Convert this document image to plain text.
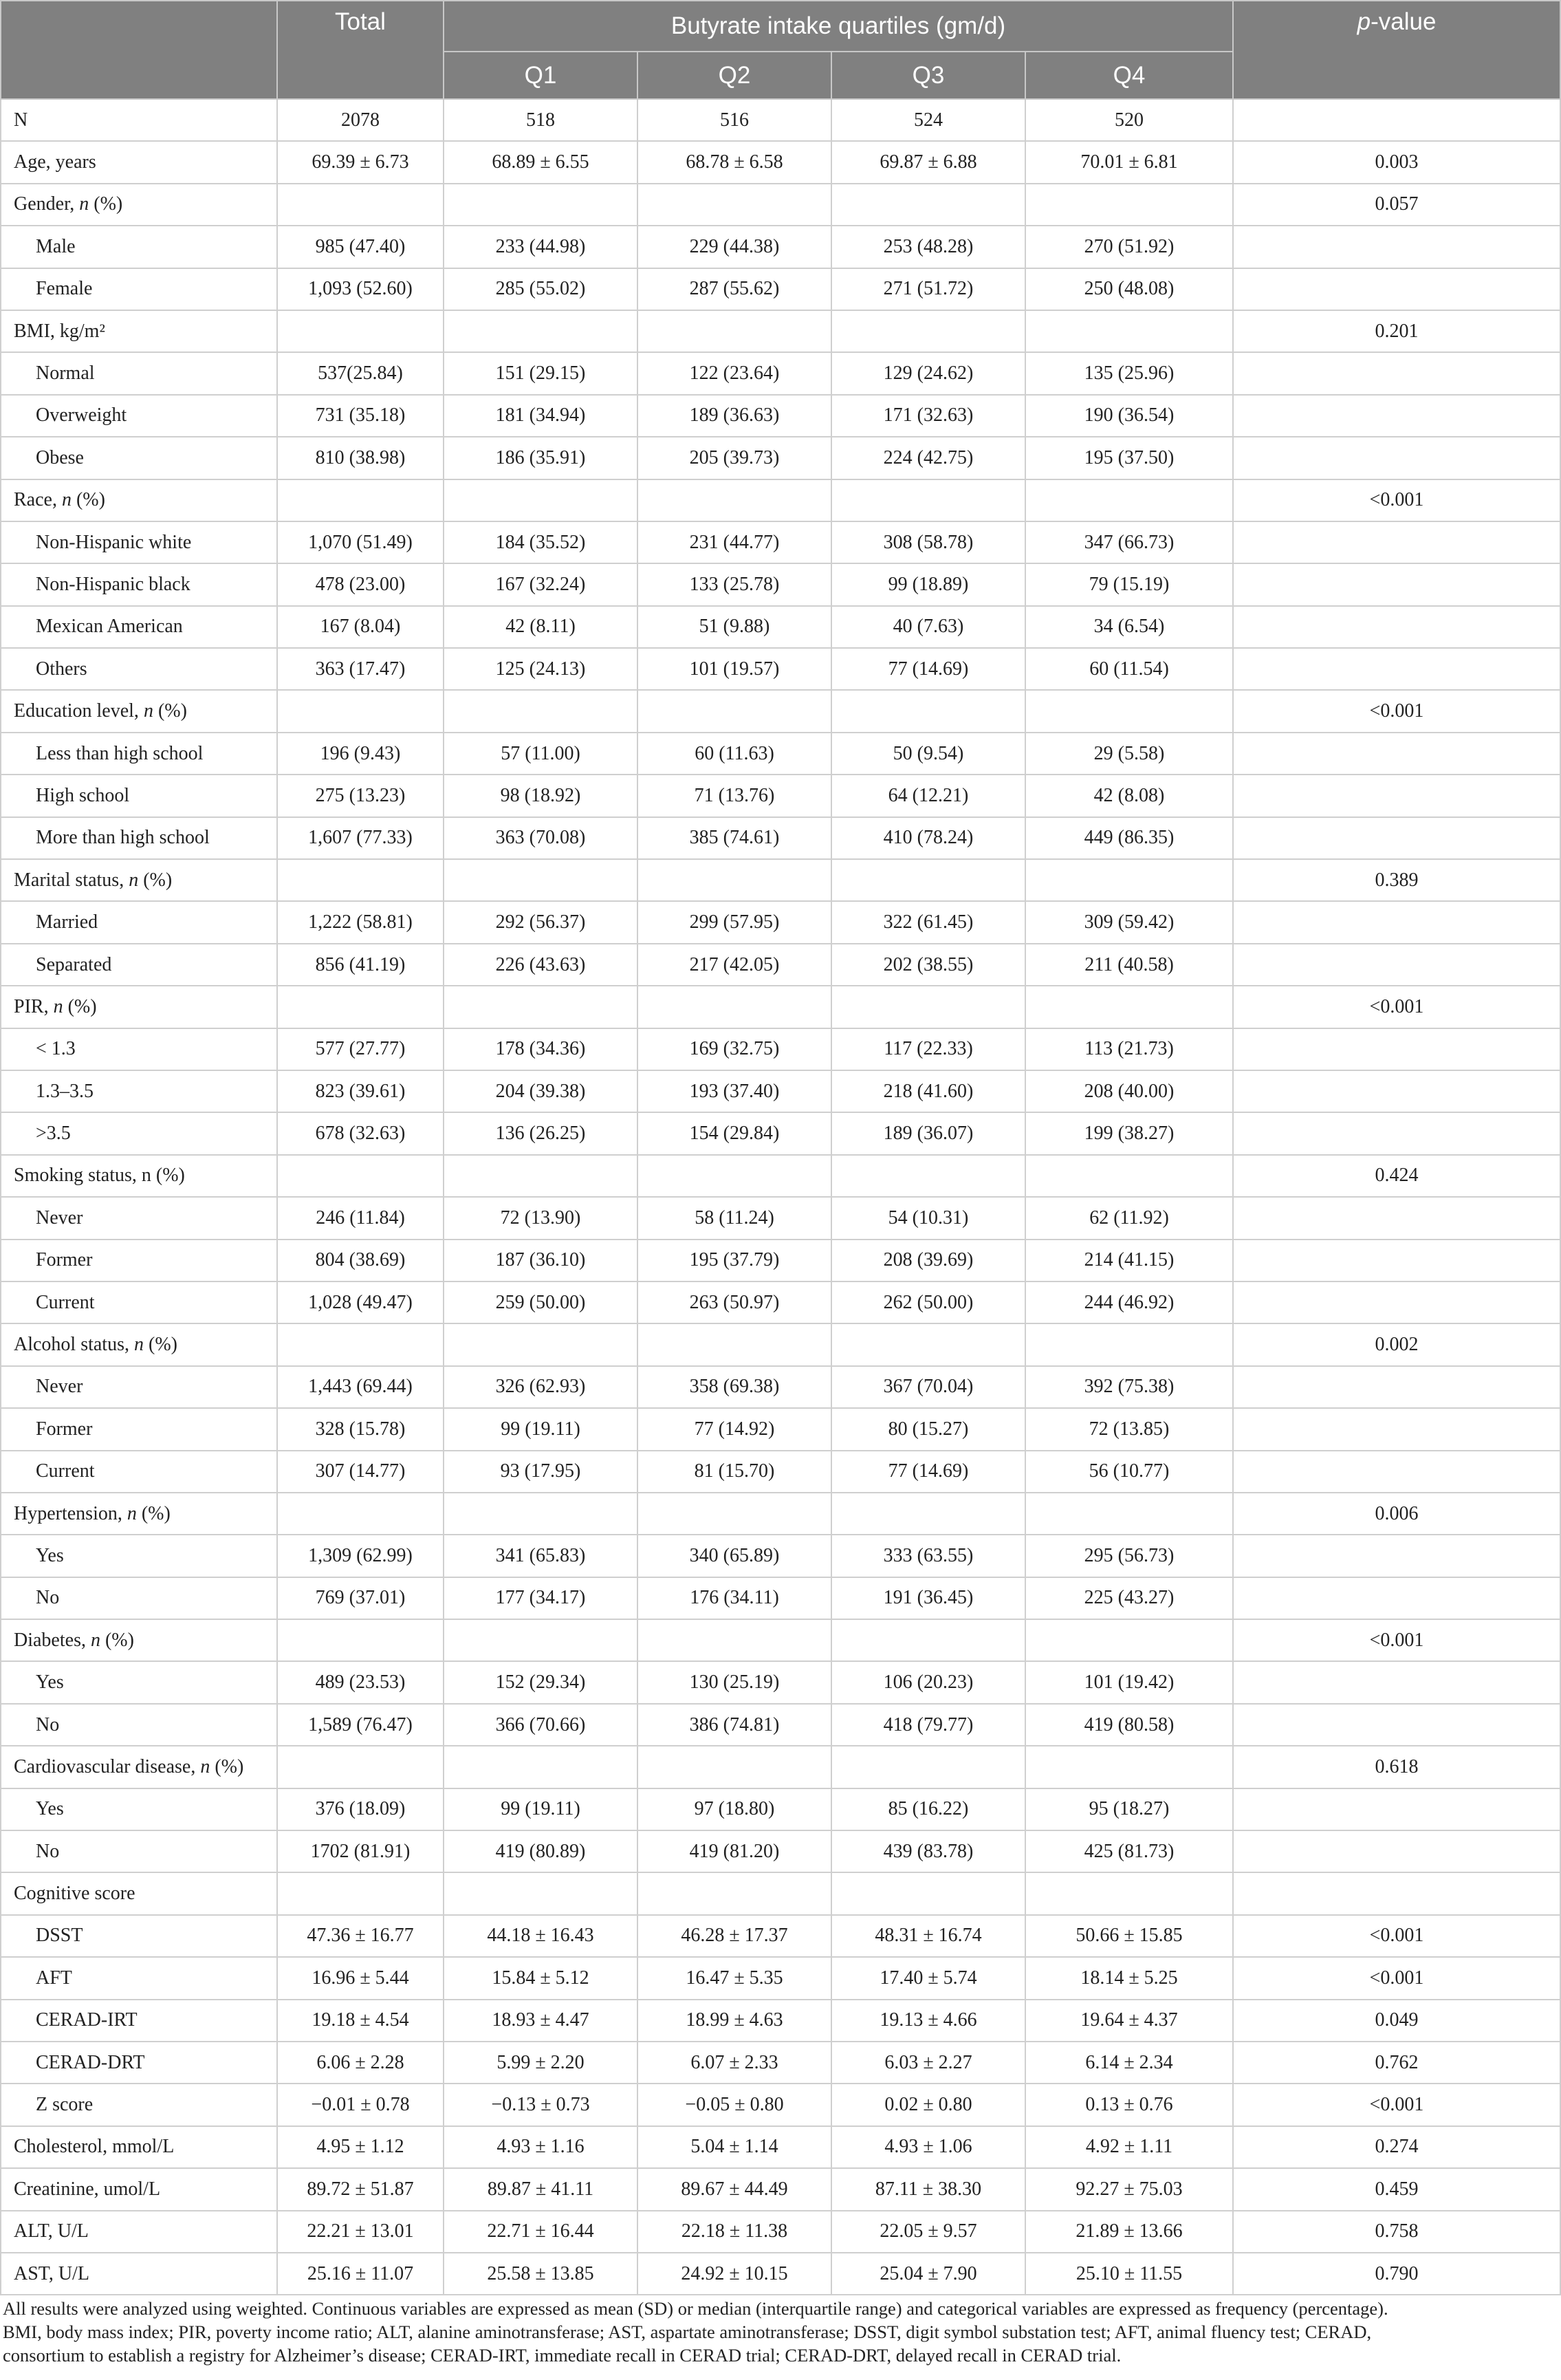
	Total	Butyrate intake quartiles (gm/d)				p-value
		Q1	Q2	Q3	Q4	
N	2078	518	516	524	520	
Age, years	69.39 ± 6.73	68.89 ± 6.55	68.78 ± 6.58	69.87 ± 6.88	70.01 ± 6.81	0.003
Gender, n (%)						0.057
Male	985 (47.40)	233 (44.98)	229 (44.38)	253 (48.28)	270 (51.92)	
Female	1,093 (52.60)	285 (55.02)	287 (55.62)	271 (51.72)	250 (48.08)	
BMI, kg/m²						0.201
Normal	537(25.84)	151 (29.15)	122 (23.64)	129 (24.62)	135 (25.96)	
Overweight	731 (35.18)	181 (34.94)	189 (36.63)	171 (32.63)	190 (36.54)	
Obese	810 (38.98)	186 (35.91)	205 (39.73)	224 (42.75)	195 (37.50)	
Race, n (%)						<0.001
Non-Hispanic white	1,070 (51.49)	184 (35.52)	231 (44.77)	308 (58.78)	347 (66.73)	
Non-Hispanic black	478 (23.00)	167 (32.24)	133 (25.78)	99 (18.89)	79 (15.19)	
Mexican American	167 (8.04)	42 (8.11)	51 (9.88)	40 (7.63)	34 (6.54)	
Others	363 (17.47)	125 (24.13)	101 (19.57)	77 (14.69)	60 (11.54)	
Education level, n (%)						<0.001
Less than high school	196 (9.43)	57 (11.00)	60 (11.63)	50 (9.54)	29 (5.58)	
High school	275 (13.23)	98 (18.92)	71 (13.76)	64 (12.21)	42 (8.08)	
More than high school	1,607 (77.33)	363 (70.08)	385 (74.61)	410 (78.24)	449 (86.35)	
Marital status, n (%)						0.389
Married	1,222 (58.81)	292 (56.37)	299 (57.95)	322 (61.45)	309 (59.42)	
Separated	856 (41.19)	226 (43.63)	217 (42.05)	202 (38.55)	211 (40.58)	
PIR, n (%)						<0.001
< 1.3	577 (27.77)	178 (34.36)	169 (32.75)	117 (22.33)	113 (21.73)	
1.3–3.5	823 (39.61)	204 (39.38)	193 (37.40)	218 (41.60)	208 (40.00)	
>3.5	678 (32.63)	136 (26.25)	154 (29.84)	189 (36.07)	199 (38.27)	
Smoking status, n (%)						0.424
Never	246 (11.84)	72 (13.90)	58 (11.24)	54 (10.31)	62 (11.92)	
Former	804 (38.69)	187 (36.10)	195 (37.79)	208 (39.69)	214 (41.15)	
Current	1,028 (49.47)	259 (50.00)	263 (50.97)	262 (50.00)	244 (46.92)	
Alcohol status, n (%)						0.002
Never	1,443 (69.44)	326 (62.93)	358 (69.38)	367 (70.04)	392 (75.38)	
Former	328 (15.78)	99 (19.11)	77 (14.92)	80 (15.27)	72 (13.85)	
Current	307 (14.77)	93 (17.95)	81 (15.70)	77 (14.69)	56 (10.77)	
Hypertension, n (%)						0.006
Yes	1,309 (62.99)	341 (65.83)	340 (65.89)	333 (63.55)	295 (56.73)	
No	769 (37.01)	177 (34.17)	176 (34.11)	191 (36.45)	225 (43.27)	
Diabetes, n (%)						<0.001
Yes	489 (23.53)	152 (29.34)	130 (25.19)	106 (20.23)	101 (19.42)	
No	1,589 (76.47)	366 (70.66)	386 (74.81)	418 (79.77)	419 (80.58)	
Cardiovascular disease, n (%)						0.618
Yes	376 (18.09)	99 (19.11)	97 (18.80)	85 (16.22)	95 (18.27)	
No	1702 (81.91)	419 (80.89)	419 (81.20)	439 (83.78)	425 (81.73)	
Cognitive score						
DSST	47.36 ± 16.77	44.18 ± 16.43	46.28 ± 17.37	48.31 ± 16.74	50.66 ± 15.85	<0.001
AFT	16.96 ± 5.44	15.84 ± 5.12	16.47 ± 5.35	17.40 ± 5.74	18.14 ± 5.25	<0.001
CERAD-IRT	19.18 ± 4.54	18.93 ± 4.47	18.99 ± 4.63	19.13 ± 4.66	19.64 ± 4.37	0.049
CERAD-DRT	6.06 ± 2.28	5.99 ± 2.20	6.07 ± 2.33	6.03 ± 2.27	6.14 ± 2.34	0.762
Z score	−0.01 ± 0.78	−0.13 ± 0.73	−0.05 ± 0.80	0.02 ± 0.80	0.13 ± 0.76	<0.001
Cholesterol, mmol/L	4.95 ± 1.12	4.93 ± 1.16	5.04 ± 1.14	4.93 ± 1.06	4.92 ± 1.11	0.274
Creatinine, umol/L	89.72 ± 51.87	89.87 ± 41.11	89.67 ± 44.49	87.11 ± 38.30	92.27 ± 75.03	0.459
ALT, U/L	22.21 ± 13.01	22.71 ± 16.44	22.18 ± 11.38	22.05 ± 9.57	21.89 ± 13.66	0.758
AST, U/L	25.16 ± 11.07	25.58 ± 13.85	24.92 ± 10.15	25.04 ± 7.90	25.10 ± 11.55	0.790

All results were analyzed using weighted. Continuous variables are expressed as mean (SD) or median (interquartile range) and categorical variables are expressed as frequency (percentage).

BMI, body mass index; PIR, poverty income ratio; ALT, alanine aminotransferase; AST, aspartate aminotransferase; DSST, digit symbol substation test; AFT, animal fluency test; CERAD,

consortium to establish a registry for Alzheimer’s disease; CERAD-IRT, immediate recall in CERAD trial; CERAD-DRT, delayed recall in CERAD trial.
